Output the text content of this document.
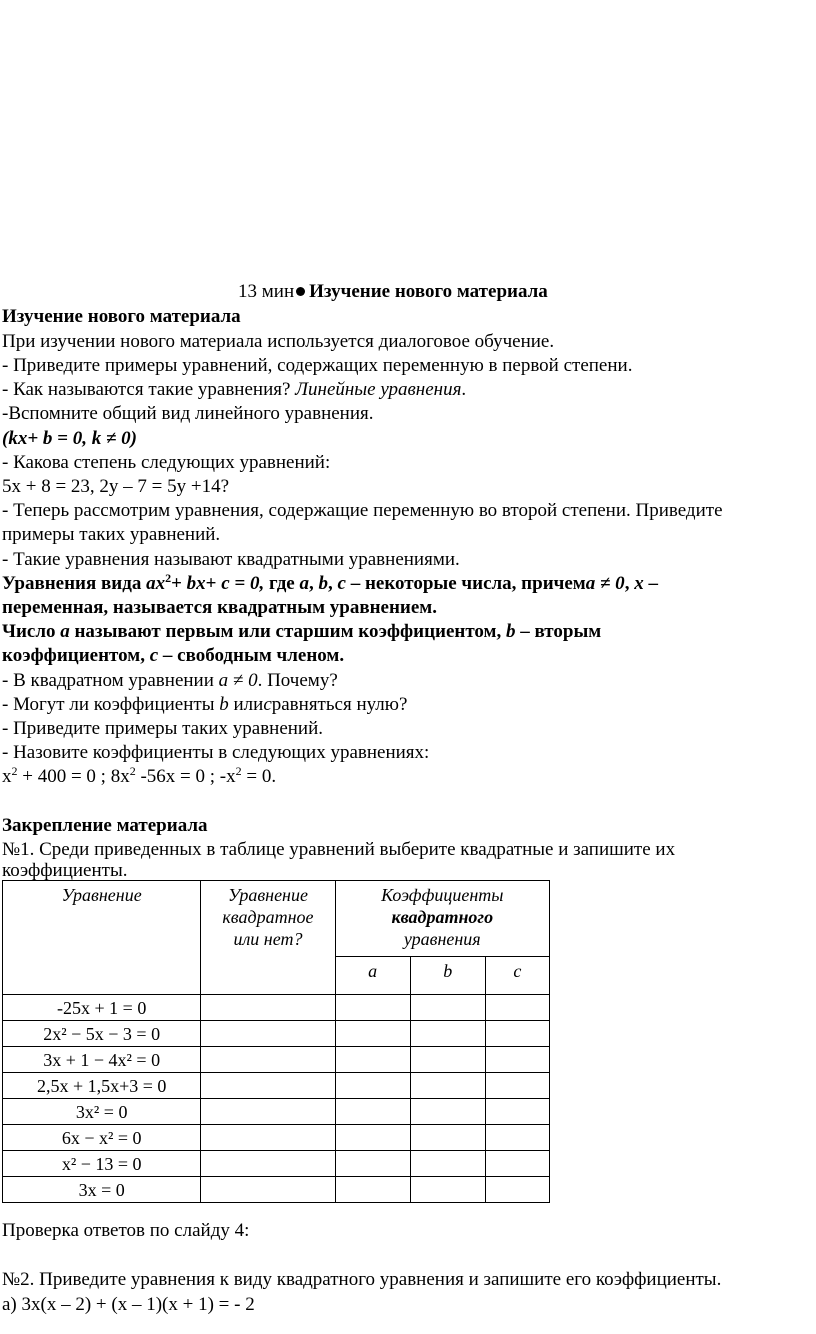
13 мин Изучение нового материала
Изучение нового материала
При изучении нового материала используется диалоговое обучение.
- Приведите примеры уравнений, содержащих переменную в первой степени.
- Как называются такие уравнения? Линейные уравнения.
-Вспомните общий вид линейного уравнения.
(kx+ b = 0, k ≠ 0)
- Какова степень следующих уравнений:
5x + 8 = 23, 2y – 7 = 5y +14?
- Теперь рассмотрим уравнения, содержащие переменную во второй степени. Приведите
примеры таких уравнений.
- Такие уравнения называют квадратными уравнениями.
Уравнения вида $ax^2+ bx+ c = 0$, где a, b, c – некоторые числа, причемa ≠ 0, x –
переменная, называется квадратным уравнением.
Число a называют первым или старшим коэффициентом, b – вторым
коэффициентом, c – свободным членом.
- В квадратном уравнении a ≠ 0. Почему?
- Могут ли коэффициенты b илиcравняться нулю?
- Приведите примеры таких уравнений.
- Назовите коэффициенты в следующих уравнениях:
$x^2 + 400 = 0$ ; $8x^2$ -56x = 0 ; $-x^2 = 0$.
Закрепление материала
№1. Среди приведенных в таблице уравнений выберите квадратные и запишите их
коэффициенты.
Уравнение	Уравнение
квадратное
или нет?	Коэффициенты
квадратного
уравнения		
		a	b	c
-25x + 1 = 0				
2x² − 5x − 3 = 0				
3x + 1 − 4x² = 0				
2,5x + 1,5x+3 = 0				
3x² = 0				
6x − x² = 0				
x² − 13 = 0				
3x = 0				
Проверка ответов по слайду 4:
№2. Приведите уравнения к виду квадратного уравнения и запишите его коэффициенты.
а) 3x(x – 2) + (x – 1)(x + 1) = - 2
